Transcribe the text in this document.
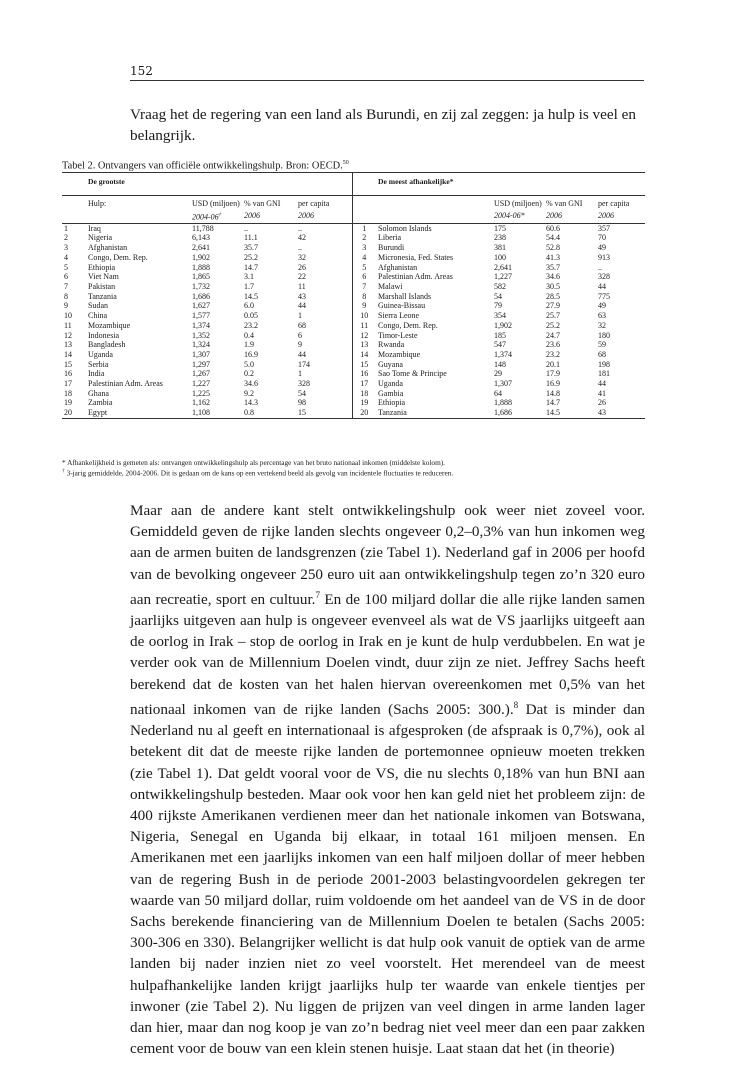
152
Vraag het de regering van een land als Burundi, en zij zal zeggen: ja hulp is veel en belangrijk.
Tabel 2. Ontvangers van officiële ontwikkelingshulp. Bron: OECD.$^{50}$
	De grootste					De meest afhankelijke*			
	Hulp:	USD (miljoen)	% van GNI	per capita			USD (miljoen)	% van GNI	per capita
		2004-06†	2006	2006			2004-06*	2006	2006
1	Iraq	11,788	..	..	1	Solomon Islands	175	60.6	357
2	Nigeria	6,143	11.1	42	2	Liberia	238	54.4	70
3	Afghanistan	2,641	35.7	..	3	Burundi	381	52.8	49
4	Congo, Dem. Rep.	1,902	25.2	32	4	Micronesia, Fed. States	100	41.3	913
5	Ethiopia	1,888	14.7	26	5	Afghanistan	2,641	35.7	..
6	Viet Nam	1,865	3.1	22	6	Palestinian Adm. Areas	1,227	34.6	328
7	Pakistan	1,732	1.7	11	7	Malawi	582	30.5	44
8	Tanzania	1,686	14.5	43	8	Marshall Islands	54	28.5	775
9	Sudan	1,627	6.0	44	9	Guinea-Bissau	79	27.9	49
10	China	1,577	0.05	1	10	Sierra Leone	354	25.7	63
11	Mozambique	1,374	23.2	68	11	Congo, Dem. Rep.	1,902	25.2	32
12	Indonesia	1,352	0.4	6	12	Timor-Leste	185	24.7	180
13	Bangladesh	1,324	1.9	9	13	Rwanda	547	23.6	59
14	Uganda	1,307	16.9	44	14	Mozambique	1,374	23.2	68
15	Serbia	1,297	5.0	174	15	Guyana	148	20.1	198
16	India	1,267	0.2	1	16	Sao Tome & Principe	29	17.9	181
17	Palestinian Adm. Areas	1,227	34.6	328	17	Uganda	1,307	16.9	44
18	Ghana	1,225	9.2	54	18	Gambia	64	14.8	41
19	Zambia	1,162	14.3	98	19	Ethiopia	1,888	14.7	26
20	Egypt	1,108	0.8	15	20	Tanzania	1,686	14.5	43
* Afhankelijkheid is gemeten als: ontvangen ontwikkelingshulp als percentage van het bruto nationaal inkomen (middelste kolom).
† 3-jarig gemiddelde, 2004-2006. Dit is gedaan om de kans op een vertekend beeld als gevolg van incidentele fluctuaties te reduceren.

Maar aan de andere kant stelt ontwikkelingshulp ook weer niet zoveel voor. Gemiddeld geven de rijke landen slechts ongeveer 0,2–0,3% van hun inkomen weg aan de armen buiten de landsgrenzen (zie Tabel 1). Nederland gaf in 2006 per hoofd van de bevolking ongeveer 250 euro uit aan ontwikkelingshulp tegen zo’n 320 euro aan recreatie, sport en cultuur.$^7$ En de 100 miljard dollar die alle rijke landen samen jaarlijks uitgeven aan hulp is ongeveer evenveel als wat de VS jaarlijks uitgeeft aan de oorlog in Irak – stop de oorlog in Irak en je kunt de hulp verdubbelen. En wat je verder ook van de Millennium Doelen vindt, duur zijn ze niet. Jeffrey Sachs heeft berekend dat de kosten van het halen hiervan overeenkomen met 0,5% van het nationaal inkomen van de rijke landen (Sachs 2005: 300.).$^8$ Dat is minder dan Nederland nu al geeft en internationaal is afgesproken (de afspraak is 0,7%), ook al betekent dit dat de meeste rijke landen de portemonnee opnieuw moeten trekken (zie Tabel 1). Dat geldt vooral voor de VS, die nu slechts 0,18% van hun BNI aan ontwikkelingshulp besteden. Maar ook voor hen kan geld niet het probleem zijn: de 400 rijkste Amerikanen verdienen meer dan het nationale inkomen van Botswana, Nigeria, Senegal en Uganda bij elkaar, in totaal 161 miljoen mensen. En Amerikanen met een jaarlijks inkomen van een half miljoen dollar of meer hebben van de regering Bush in de periode 2001-2003 belastingvoordelen gekregen ter waarde van 50 miljard dollar, ruim voldoende om het aandeel van de VS in de door Sachs berekende financiering van de Millennium Doelen te betalen (Sachs 2005: 300-306 en 330). Belangrijker wellicht is dat hulp ook vanuit de optiek van de arme landen bij nader inzien niet zo veel voorstelt. Het merendeel van de meest hulpafhankelijke landen krijgt jaarlijks hulp ter waarde van enkele tientjes per inwoner (zie Tabel 2). Nu liggen de prijzen van veel dingen in arme landen lager dan hier, maar dan nog koop je van zo’n bedrag niet veel meer dan een paar zakken cement voor de bouw van een klein stenen huisje. Laat staan dat het (in theorie)
